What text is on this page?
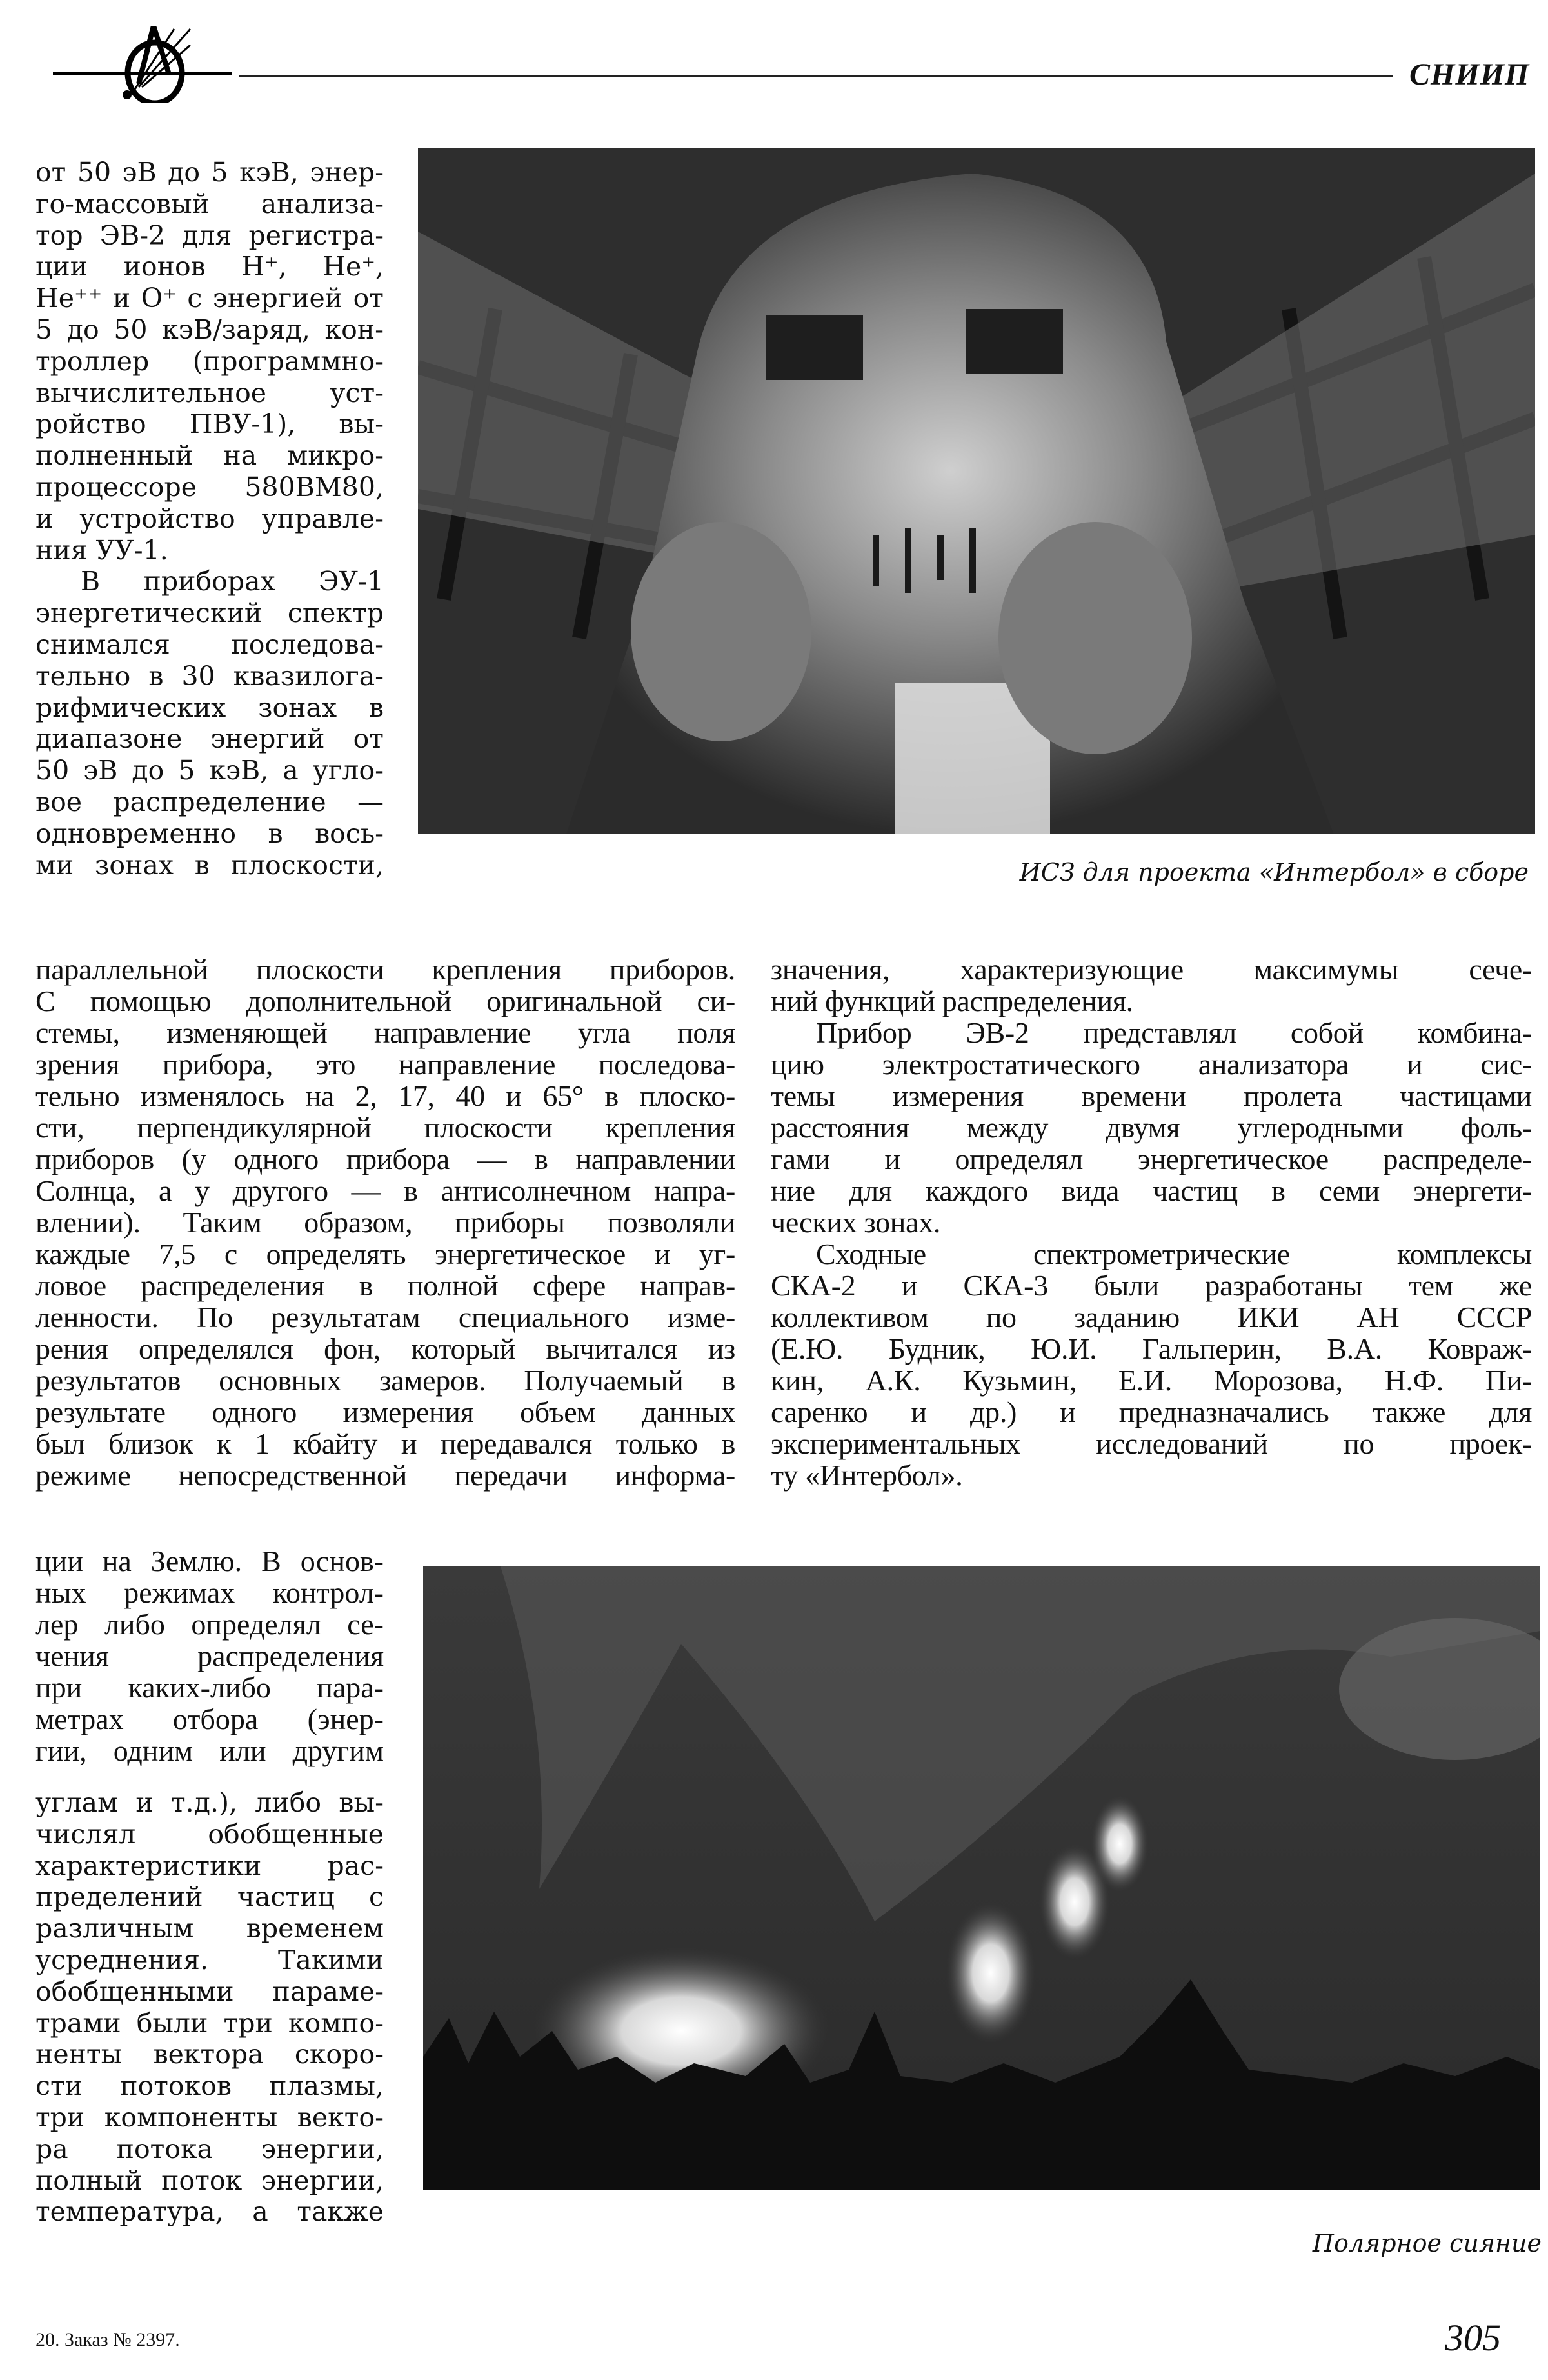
СНИИП
от 50 эВ до 5 кэВ, энер-
го-массовый анализа-
тор ЭВ-2 для регистра-
ции ионов H⁺, He⁺,
He⁺⁺ и O⁺ с энергией от
5 до 50 кэВ/заряд, кон-
троллер (программно-
вычислительное уст-
ройство ПВУ-1), вы-
полненный на микро-
процессоре 580ВМ80,
и устройство управле-
ния УУ-1.
В приборах ЭУ-1
энергетический спектр
снимался последова-
тельно в 30 квазилога-
рифмических зонах в
диапазоне энергий от
50 эВ до 5 кэВ, а угло-
вое распределение —
одновременно в вось-
ми зонах в плоскости,	ИСЗ для проекта «Интербол» в сборе
параллельной плоскости крепления приборов.
С помощью дополнительной оригинальной си-
стемы, изменяющей направление угла поля
зрения прибора, это направление последова-
тельно изменялось на 2, 17, 40 и 65° в плоско-
сти, перпендикулярной плоскости крепления
приборов (у одного прибора — в направлении
Солнца, а у другого — в антисолнечном напра-
влении). Таким образом, приборы позволяли
каждые 7,5 с определять энергетическое и уг-
ловое распределения в полной сфере направ-
ленности. По результатам специального изме-
рения определялся фон, который вычитался из
результатов основных замеров. Получаемый в
результате одного измерения объем данных
был близок к 1 кбайту и передавался только в
режиме непосредственной передачи информа-
значения, характеризующие максимумы сече-
ний функций распределения.
Прибор ЭВ-2 представлял собой комбина-
цию электростатического анализатора и сис-
темы измерения времени пролета частицами
расстояния между двумя углеродными фоль-
гами и определял энергетическое распределе-
ние для каждого вида частиц в семи энергети-
ческих зонах.
Сходные спектрометрические комплексы
СКА-2 и СКА-3 были разработаны тем же
коллективом по заданию ИКИ АН СССР
(Е.Ю. Будник, Ю.И. Гальперин, В.А. Ковраж-
кин, А.К. Кузьмин, Е.И. Морозова, Н.Ф. Пи-
саренко и др.) и предназначались также для
экспериментальных исследований по проек-
ту «Интербол».
ции на Землю. В основ-
ных режимах контрол-
лер либо определял се-
чения распределения
при каких-либо пара-
метрах отбора (энер-
гии, одним или другим
углам и т.д.), либо вы-
числял обобщенные
характеристики рас-
пределений частиц с
различным временем
усреднения. Такими
обобщенными параме-
трами были три компо-
ненты вектора скоро-
сти потоков плазмы,
три компоненты векто-
ра потока энергии,
полный поток энергии,
температура, а также
Полярное сияние
20. Заказ № 2397.	305
